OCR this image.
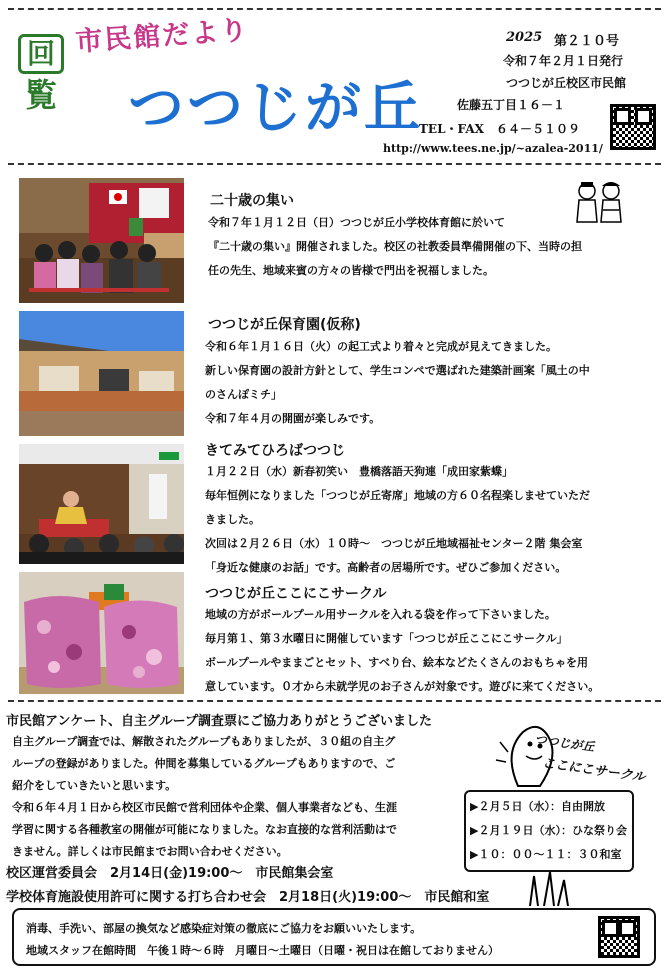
回
覧
市民館だより
つつじが丘
2025 第２１０号
令和７年２月１日発行
つつじが丘校区市民館
佐藤五丁目１６－１
TEL・FAX　６４－５１０９
http://www.tees.ne.jp/~azalea-2011/
二十歳の集い

令和７年１月１２日（日）つつじが丘小学校体育館に於いて

『二十歳の集い』開催されました。校区の社教委員準備開催の下、当時の担

任の先生、地域来賓の方々の皆様で門出を祝福しました。

つつじが丘保育園(仮称)

令和６年１月１６日（火）の起工式より着々と完成が見えてきました。

新しい保育園の設計方針として、学生コンペで選ばれた建築計画案「風土の中

のさんぽミチ」

令和７年４月の開園が楽しみです。

きてみてひろばつつじ

１月２２日（水）新春初笑い　豊橋落語天狗連「成田家紫蝶」

毎年恒例になりました「つつじが丘寄席」地域の方６０名程楽しませていただ

きました。

次回は２月２６日（水）１０時～　つつじが丘地域福祉センター２階 集会室

「身近な健康のお話」です。高齢者の居場所です。ぜひご参加ください。

つつじが丘ここにこサークル

地域の方がボールプール用サークルを入れる袋を作って下さいました。

毎月第１、第３水曜日に開催しています「つつじが丘ここにこサークル」

ボールプールやままごとセット、すべり台、絵本などたくさんのおもちゃを用

意しています。０才から未就学児のお子さんが対象です。遊びに来てください。

市民館アンケート、自主グループ調査票にご協力ありがとうございました

自主グループ調査では、解散されたグループもありましたが、３０組の自主グ

ループの登録がありました。仲間を募集しているグループもありますので、ご

紹介をしていきたいと思います。

令和６年４月１日から校区市民館で営利団体や企業、個人事業者なども、生涯

学習に関する各種教室の開催が可能になりました。なお直接的な営利活動はで

きません。詳しくは市民館までお問い合わせください。

つつじが丘
ここにこサークル
▶２月５日（水）：自由開放
▶２月１９日（水）：ひな祭り会
▶１０：００～１１：３０和室
校区運営委員会　2月14日(金)19:00～　市民館集会室
学校体育施設使用許可に関する打ち合わせ会　2月18日(火)19:00～　市民館和室
消毒、手洗い、部屋の換気など感染症対策の徹底にご協力をお願いいたします。
地域スタッフ在館時間　午後１時～６時　月曜日～土曜日（日曜・祝日は在館しておりません）
